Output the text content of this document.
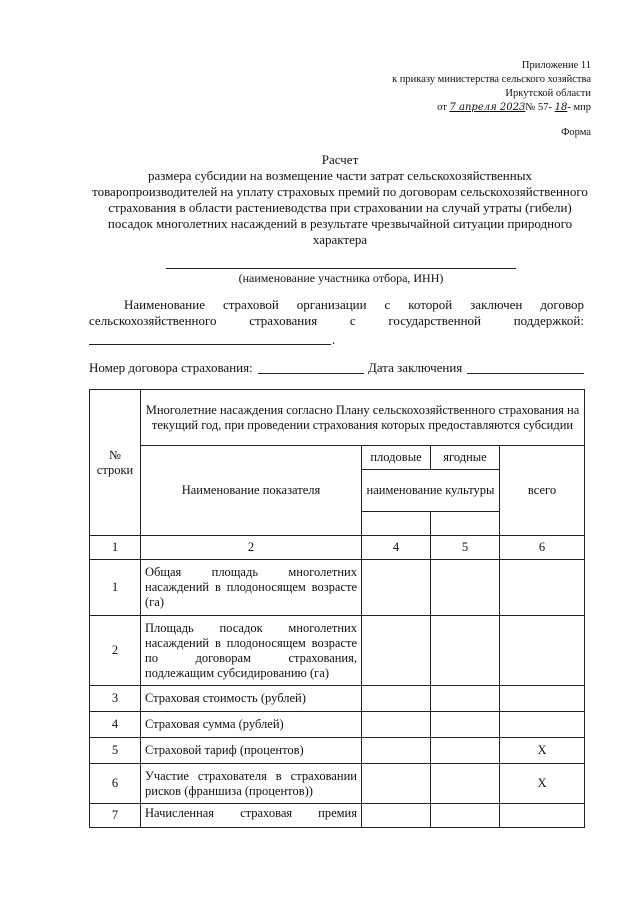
Приложение 11
к приказу министерства сельского хозяйства
Иркутской области
от 7 апреля 2023№ 57- 18- мпр
Форма
Расчет
размера субсидии на возмещение части затрат сельскохозяйственных
товаропроизводителей на уплату страховых премий по договорам сельскохозяйственного
страхования в области растениеводства при страховании на случай утраты (гибели)
посадок многолетних насаждений в результате чрезвычайной ситуации природного
характера
(наименование участника отбора, ИНН)
Наименование страховой организации с которой заключен договор
сельскохозяйственного страхования с государственной поддержкой:
.
Номер договора страхования:	Дата заключения
№ строки	Многолетние насаждения согласно Плану сельскохозяйственного страхования на текущий год, при проведении страхования которых предоставляются субсидии			
	Наименование показателя	плодовые	ягодные	всего
		наименование культуры		

1	2	4	5	6
1	Общая площадь многолетних насаждений в плодоносящем возрасте (га)			
2	Площадь посадок многолетних насаждений в плодоносящем возрасте по договорам страхования, подлежащим субсидированию (га)			
3	Страховая стоимость (рублей)			
4	Страховая сумма (рублей)			
5	Страховой тариф (процентов)			X
6	Участие страхователя в страховании рисков (франшиза (процентов))			X
7	Начисленная страховая премия			
